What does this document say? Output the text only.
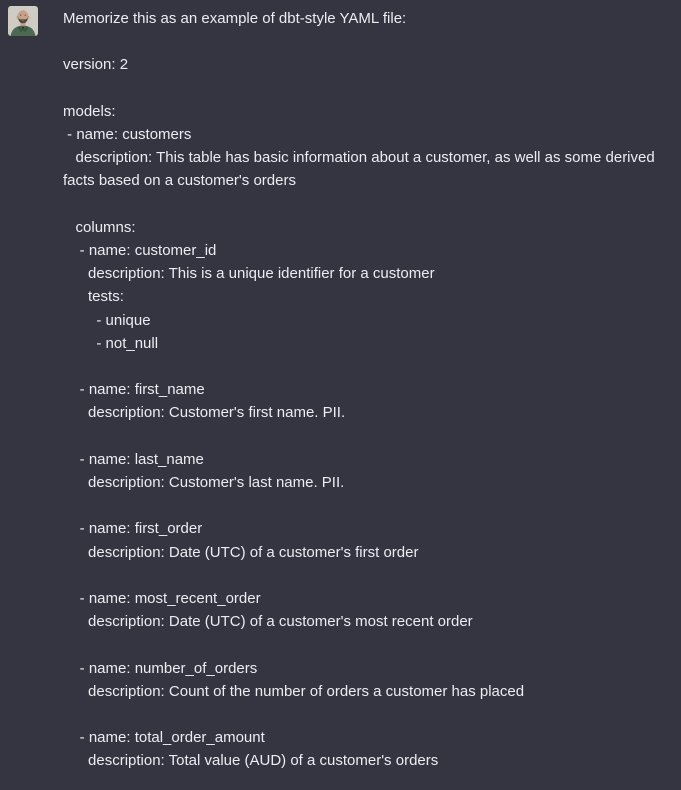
Memorize this as an example of dbt-style YAML file:
version: 2
models:
- name: customers
description: This table has basic information about a customer, as well as some derived facts based on a customer's orders
columns:
- name: customer_id
description: This is a unique identifier for a customer
tests:
- unique
- not_null
- name: first_name
description: Customer's first name. PII.
- name: last_name
description: Customer's last name. PII.
- name: first_order
description: Date (UTC) of a customer's first order
- name: most_recent_order
description: Date (UTC) of a customer's most recent order
- name: number_of_orders
description: Count of the number of orders a customer has placed
- name: total_order_amount
description: Total value (AUD) of a customer's orders
